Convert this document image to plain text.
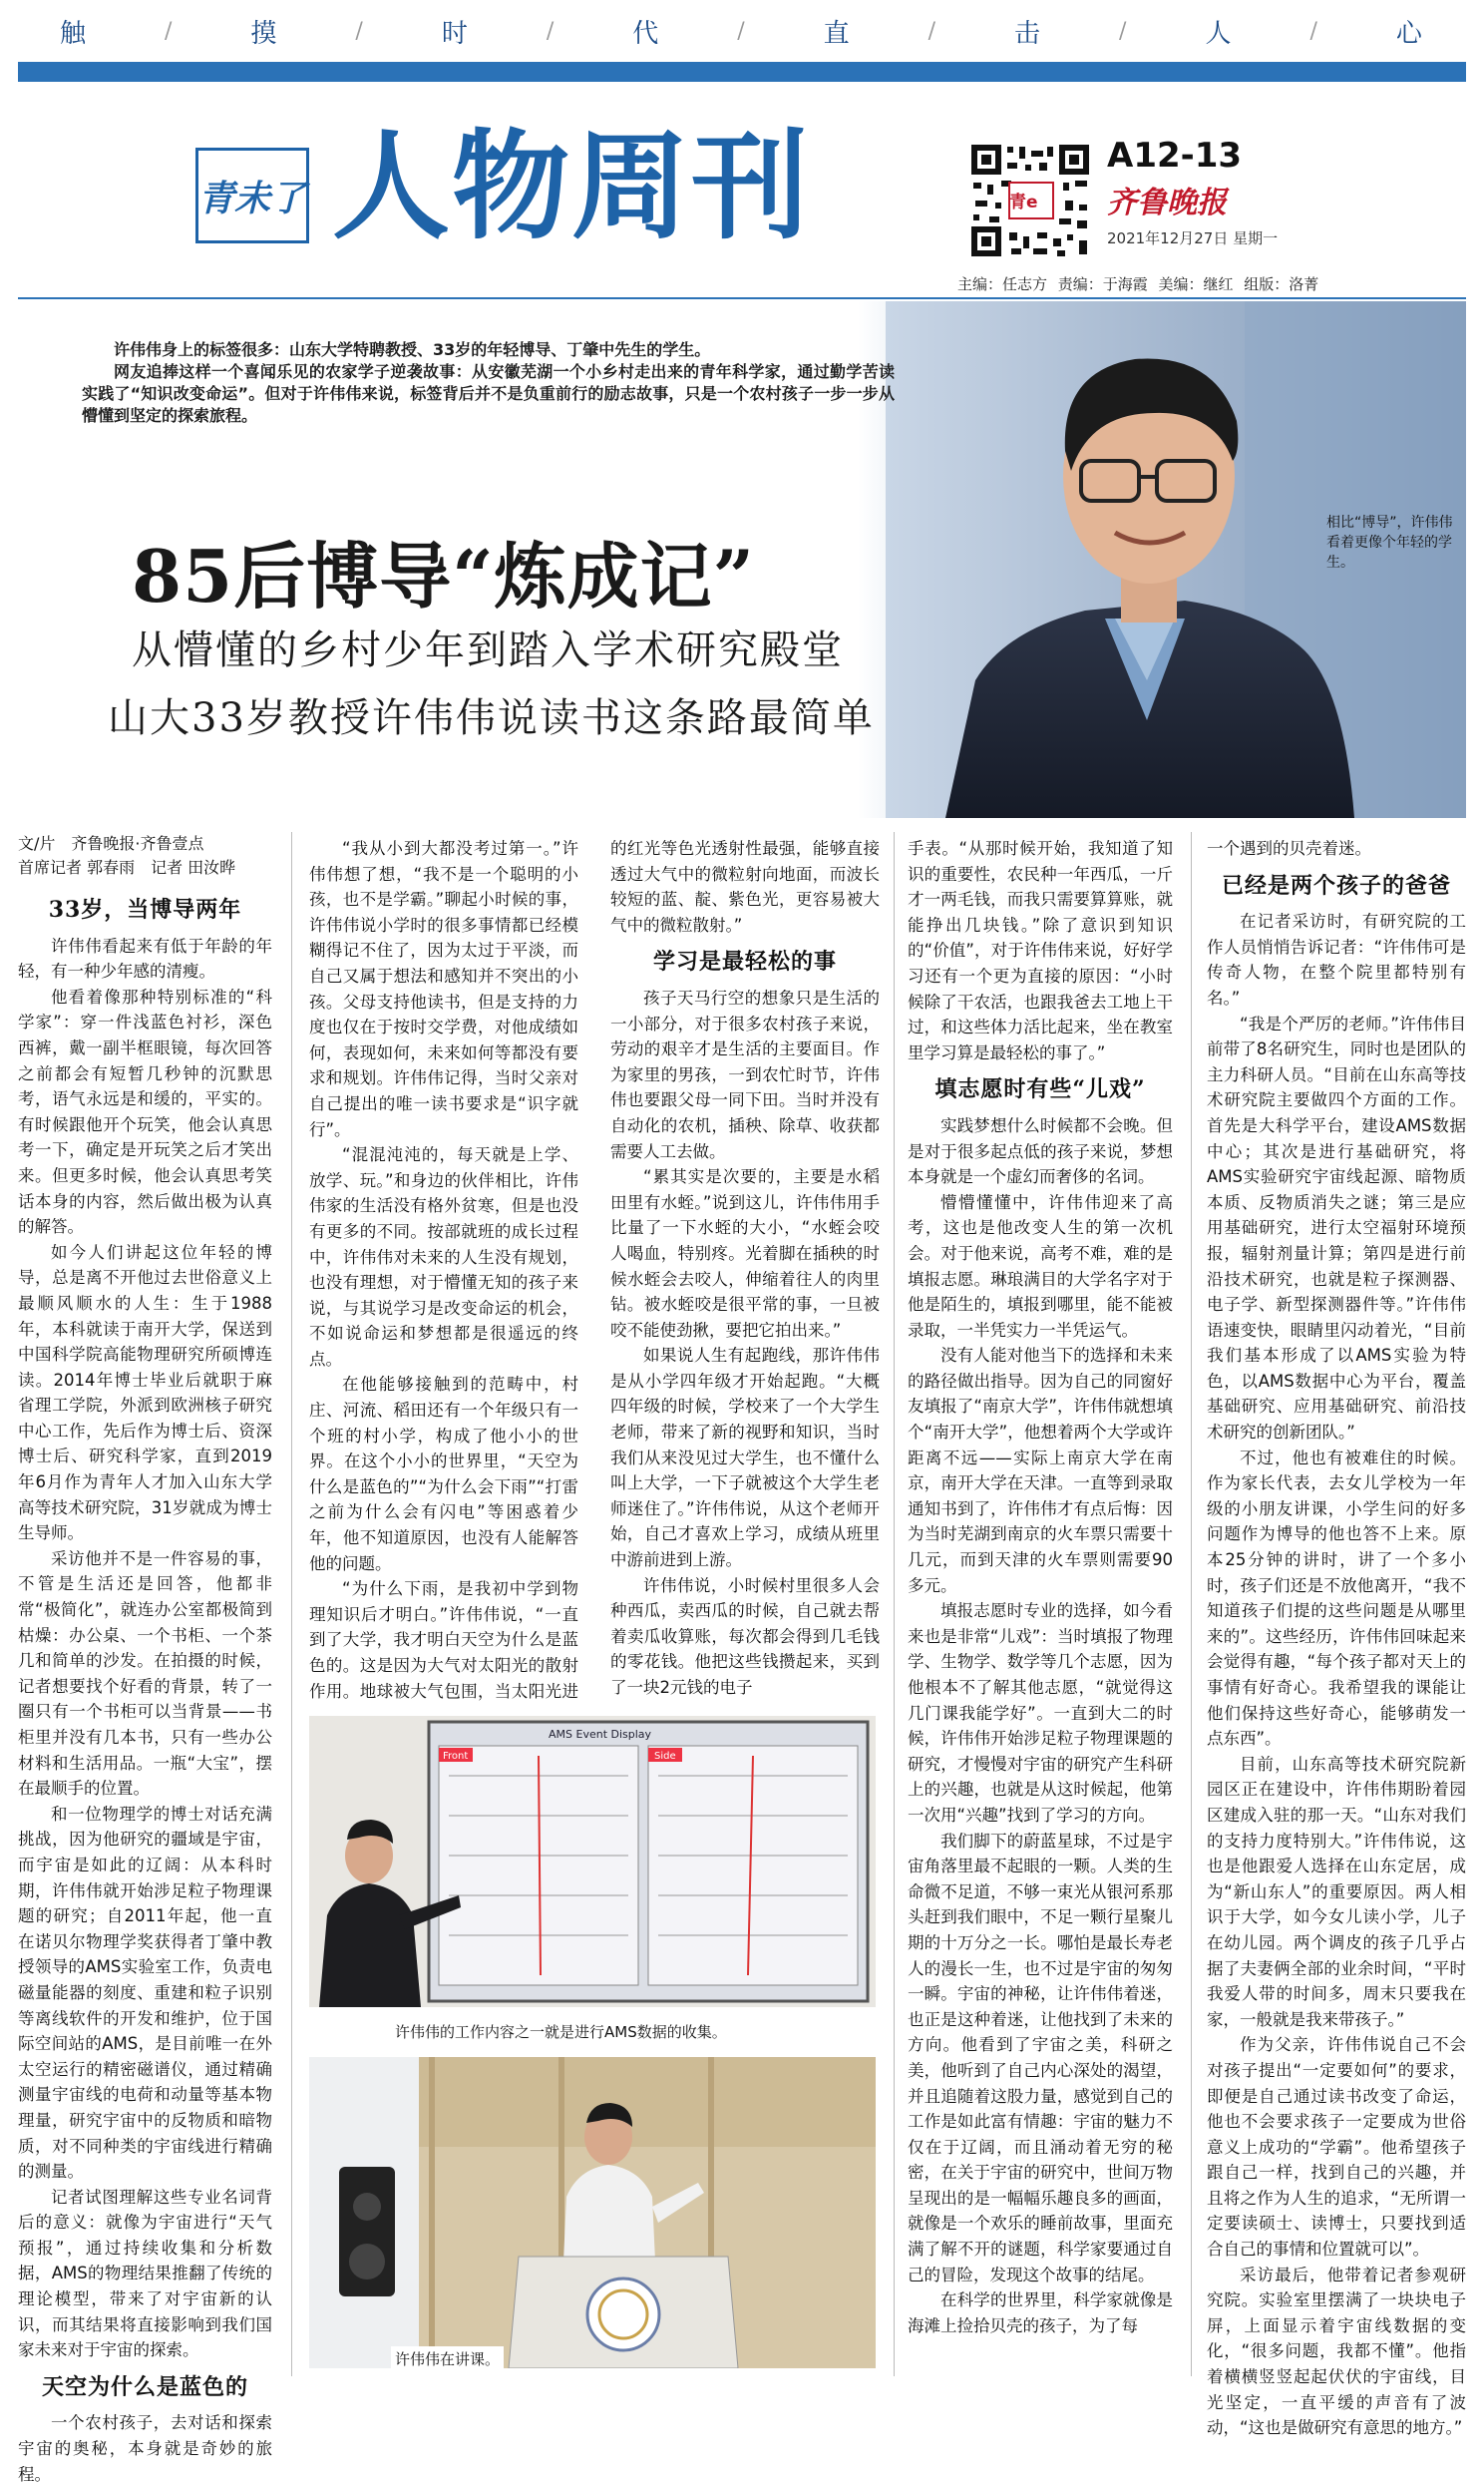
触	/	摸	/	时	/	代	/	直	/	击	/	人	/	心
青未了 人物周刊	青e
A12-13
齐鲁晚报
2021年12月27日 星期一
主编：任志方 责编：于海霞 美编：继红 组版：洛菁

许伟伟身上的标签很多：山东大学特聘教授、33岁的年轻博导、丁肇中先生的学生。

网友追捧这样一个喜闻乐见的农家学子逆袭故事：从安徽芜湖一个小乡村走出来的青年科学家，通过勤学苦读实践了“知识改变命运”。但对于许伟伟来说，标签背后并不是负重前行的励志故事，只是一个农村孩子一步一步从懵懂到坚定的探索旅程。

85后博导“炼成记”
从懵懂的乡村少年到踏入学术研究殿堂
山大33岁教授许伟伟说读书这条路最简单
相比“博导”，许伟伟看着更像个年轻的学生。
文/片　齐鲁晚报·齐鲁壹点
首席记者 郭春雨　记者 田汝晔
33岁，当博导两年

许伟伟看起来有低于年龄的年轻，有一种少年感的清瘦。

他看着像那种特别标准的“科学家”：穿一件浅蓝色衬衫，深色西裤，戴一副半框眼镜，每次回答之前都会有短暂几秒钟的沉默思考，语气永远是和缓的，平实的。有时候跟他开个玩笑，他会认真思考一下，确定是开玩笑之后才笑出来。但更多时候，他会认真思考笑话本身的内容，然后做出极为认真的解答。

如今人们讲起这位年轻的博导，总是离不开他过去世俗意义上最顺风顺水的人生：生于1988年，本科就读于南开大学，保送到中国科学院高能物理研究所硕博连读。2014年博士毕业后就职于麻省理工学院，外派到欧洲核子研究中心工作，先后作为博士后、资深博士后、研究科学家，直到2019年6月作为青年人才加入山东大学高等技术研究院，31岁就成为博士生导师。

采访他并不是一件容易的事，不管是生活还是回答，他都非常“极简化”，就连办公室都极简到枯燥：办公桌、一个书柜、一个茶几和简单的沙发。在拍摄的时候，记者想要找个好看的背景，转了一圈只有一个书柜可以当背景——书柜里并没有几本书，只有一些办公材料和生活用品。一瓶“大宝”，摆在最顺手的位置。

和一位物理学的博士对话充满挑战，因为他研究的疆域是宇宙，而宇宙是如此的辽阔：从本科时期，许伟伟就开始涉足粒子物理课题的研究；自2011年起，他一直在诺贝尔物理学奖获得者丁肇中教授领导的AMS实验室工作，负责电磁量能器的刻度、重建和粒子识别等离线软件的开发和维护，位于国际空间站的AMS，是目前唯一在外太空运行的精密磁谱仪，通过精确测量宇宙线的电荷和动量等基本物理量，研究宇宙中的反物质和暗物质，对不同种类的宇宙线进行精确的测量。

记者试图理解这些专业名词背后的意义：就像为宇宙进行“天气预报”，通过持续收集和分析数据，AMS的物理结果推翻了传统的理论模型，带来了对宇宙新的认识，而其结果将直接影响到我们国家未来对于宇宙的探索。

天空为什么是蓝色的

一个农村孩子，去对话和探索宇宙的奥秘，本身就是奇妙的旅程。

“我从小到大都没考过第一。”许伟伟想了想，“我不是一个聪明的小孩，也不是学霸。”聊起小时候的事，许伟伟说小学时的很多事情都已经模糊得记不住了，因为太过于平淡，而自己又属于想法和感知并不突出的小孩。父母支持他读书，但是支持的力度也仅在于按时交学费，对他成绩如何，表现如何，未来如何等都没有要求和规划。许伟伟记得，当时父亲对自己提出的唯一读书要求是“识字就行”。

“混混沌沌的，每天就是上学、放学、玩。”和身边的伙伴相比，许伟伟家的生活没有格外贫寒，但是也没有更多的不同。按部就班的成长过程中，许伟伟对未来的人生没有规划，也没有理想，对于懵懂无知的孩子来说，与其说学习是改变命运的机会，不如说命运和梦想都是很遥远的终点。

在他能够接触到的范畴中，村庄、河流、稻田还有一个年级只有一个班的村小学，构成了他小小的世界。在这个小小的世界里，“天空为什么是蓝色的”“为什么会下雨”“打雷之前为什么会有闪电”等困惑着少年，他不知道原因，也没有人能解答他的问题。

“为什么下雨，是我初中学到物理知识后才明白。”许伟伟说，“一直到了大学，我才明白天空为什么是蓝色的。这是因为大气对太阳光的散射作用。地球被大气包围，当太阳光进

的红光等色光透射性最强，能够直接透过大气中的微粒射向地面，而波长较短的蓝、靛、紫色光，更容易被大气中的微粒散射。”

学习是最轻松的事

孩子天马行空的想象只是生活的一小部分，对于很多农村孩子来说，劳动的艰辛才是生活的主要面目。作为家里的男孩，一到农忙时节，许伟伟也要跟父母一同下田。当时并没有自动化的农机，插秧、除草、收获都需要人工去做。

“累其实是次要的，主要是水稻田里有水蛭。”说到这儿，许伟伟用手比量了一下水蛭的大小，“水蛭会咬人喝血，特别疼。光着脚在插秧的时候水蛭会去咬人，伸缩着往人的肉里钻。被水蛭咬是很平常的事，一旦被咬不能使劲揪，要把它拍出来。”

如果说人生有起跑线，那许伟伟是从小学四年级才开始起跑。“大概四年级的时候，学校来了一个大学生老师，带来了新的视野和知识，当时我们从来没见过大学生，也不懂什么叫上大学，一下子就被这个大学生老师迷住了。”许伟伟说，从这个老师开始，自己才喜欢上学习，成绩从班里中游前进到上游。

许伟伟说，小时候村里很多人会种西瓜，卖西瓜的时候，自己就去帮着卖瓜收算账，每次都会得到几毛钱的零花钱。他把这些钱攒起来，买到了一块2元钱的电子

手表。“从那时候开始，我知道了知识的重要性，农民种一年西瓜，一斤才一两毛钱，而我只需要算算账，就能挣出几块钱。”除了意识到知识的“价值”，对于许伟伟来说，好好学习还有一个更为直接的原因：“小时候除了干农活，也跟我爸去工地上干过，和这些体力活比起来，坐在教室里学习算是最轻松的事了。”

填志愿时有些“儿戏”

实践梦想什么时候都不会晚。但是对于很多起点低的孩子来说，梦想本身就是一个虚幻而奢侈的名词。

懵懵懂懂中，许伟伟迎来了高考，这也是他改变人生的第一次机会。对于他来说，高考不难，难的是填报志愿。琳琅满目的大学名字对于他是陌生的，填报到哪里，能不能被录取，一半凭实力一半凭运气。

没有人能对他当下的选择和未来的路径做出指导。因为自己的同窗好友填报了“南京大学”，许伟伟就想填个“南开大学”，他想着两个大学或许距离不远——实际上南京大学在南京，南开大学在天津。一直等到录取通知书到了，许伟伟才有点后悔：因为当时芜湖到南京的火车票只需要十几元，而到天津的火车票则需要90多元。

填报志愿时专业的选择，如今看来也是非常“儿戏”：当时填报了物理学、生物学、数学等几个志愿，因为他根本不了解其他志愿，“就觉得这几门课我能学好”。一直到大二的时候，许伟伟开始涉足粒子物理课题的研究，才慢慢对宇宙的研究产生科研上的兴趣，也就是从这时候起，他第一次用“兴趣”找到了学习的方向。

我们脚下的蔚蓝星球，不过是宇宙角落里最不起眼的一颗。人类的生命微不足道，不够一束光从银河系那头赶到我们眼中，不足一颗行星聚儿期的十万分之一长。哪怕是最长寿老人的漫长一生，也不过是宇宙的匆匆一瞬。宇宙的神秘，让许伟伟着迷，也正是这种着迷，让他找到了未来的方向。他看到了宇宙之美，科研之美，他听到了自己内心深处的渴望，并且追随着这股力量，感觉到自己的工作是如此富有情趣：宇宙的魅力不仅在于辽阔，而且涌动着无穷的秘密，在关于宇宙的研究中，世间万物呈现出的是一幅幅乐趣良多的画面，就像是一个欢乐的睡前故事，里面充满了解不开的谜题，科学家要通过自己的冒险，发现这个故事的结尾。

在科学的世界里，科学家就像是海滩上捡拾贝壳的孩子，为了每

一个遇到的贝壳着迷。

已经是两个孩子的爸爸

在记者采访时，有研究院的工作人员悄悄告诉记者：“许伟伟可是传奇人物，在整个院里都特别有名。”

“我是个严厉的老师。”许伟伟目前带了8名研究生，同时也是团队的主力科研人员。“目前在山东高等技术研究院主要做四个方面的工作。首先是大科学平台，建设AMS数据中心；其次是进行基础研究，将AMS实验研究宇宙线起源、暗物质本质、反物质消失之谜；第三是应用基础研究，进行太空福射环境预报，辐射剂量计算；第四是进行前沿技术研究，也就是粒子探测器、电子学、新型探测器件等。”许伟伟语速变快，眼睛里闪动着光，“目前我们基本形成了以AMS实验为特色，以AMS数据中心为平台，覆盖基础研究、应用基础研究、前沿技术研究的创新团队。”

不过，他也有被难住的时候。作为家长代表，去女儿学校为一年级的小朋友讲课，小学生问的好多问题作为博导的他也答不上来。原本25分钟的讲时，讲了一个多小时，孩子们还是不放他离开，“我不知道孩子们提的这些问题是从哪里来的”。这些经历，许伟伟回味起来会觉得有趣，“每个孩子都对天上的事情有好奇心。我希望我的课能让他们保持这些好奇心，能够萌发一点东西”。

目前，山东高等技术研究院新园区正在建设中，许伟伟期盼着园区建成入驻的那一天。“山东对我们的支持力度特别大。”许伟伟说，这也是他跟爱人选择在山东定居，成为“新山东人”的重要原因。两人相识于大学，如今女儿读小学，儿子在幼儿园。两个调皮的孩子几乎占据了夫妻俩全部的业余时间，“平时我爱人带的时间多，周末只要我在家，一般就是我来带孩子。”

作为父亲，许伟伟说自己不会对孩子提出“一定要如何”的要求，即便是自己通过读书改变了命运，他也不会要求孩子一定要成为世俗意义上成功的“学霸”。他希望孩子跟自己一样，找到自己的兴趣，并且将之作为人生的追求，“无所谓一定要读硕士、读博士，只要找到适合自己的事情和位置就可以”。

采访最后，他带着记者参观研究院。实验室里摆满了一块块电子屏，上面显示着宇宙线数据的变化，“很多问题，我都不懂”。他指着横横竖竖起起伏伏的宇宙线，目光坚定，一直平缓的声音有了波动，“这也是做研究有意思的地方。”

Front	Side
AMS Event Display
许伟伟的工作内容之一就是进行AMS数据的收集。
许伟伟在讲课。
